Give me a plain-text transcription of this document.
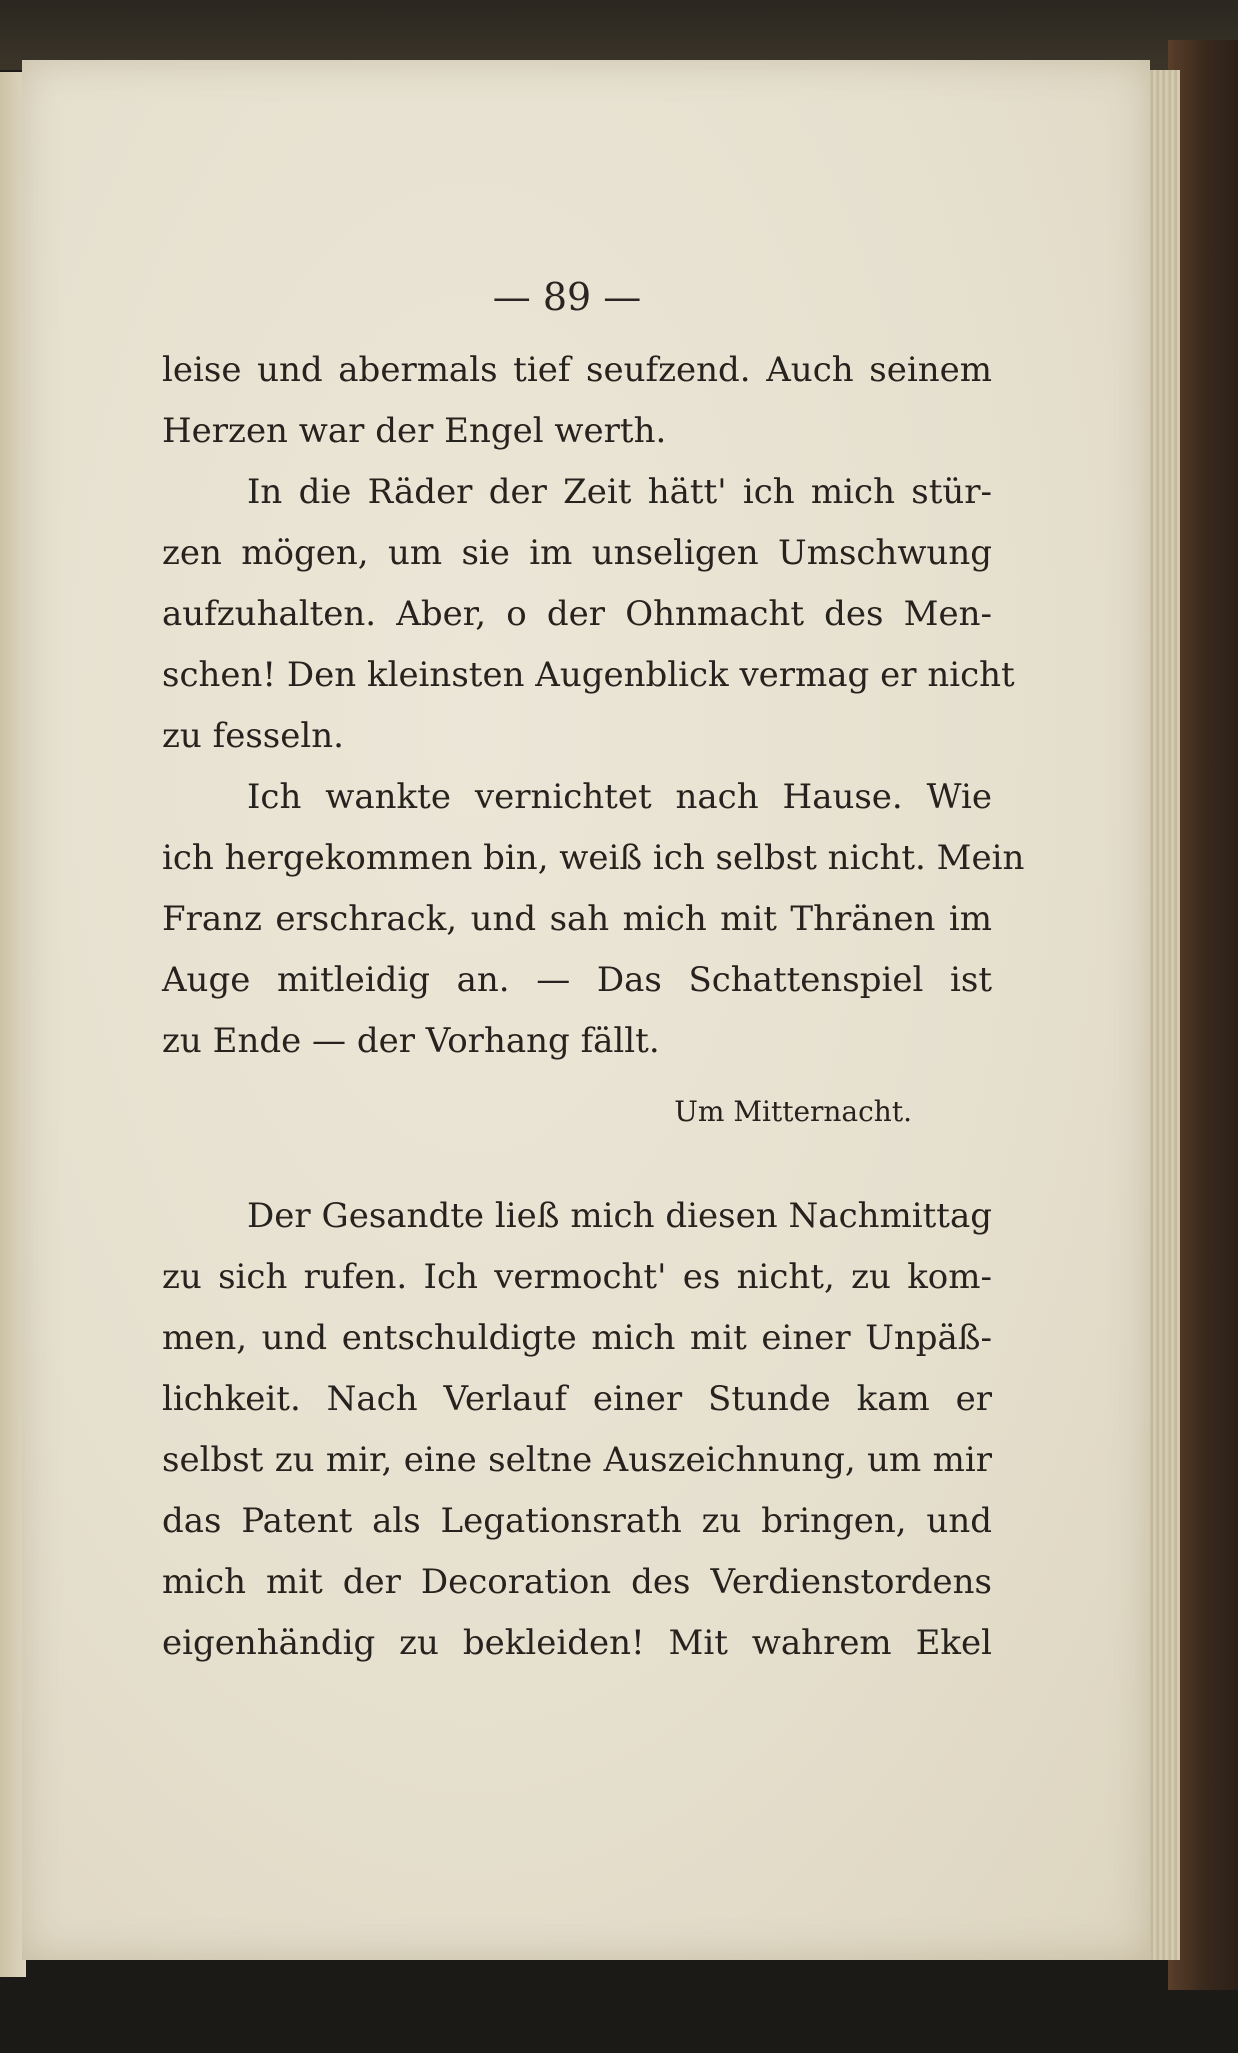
— 89 —
leise und abermals tief seufzend. Auch seinem
Herzen war der Engel werth.
In die Räder der Zeit hätt' ich mich stür-
zen mögen, um sie im unseligen Umschwung
aufzuhalten. Aber, o der Ohnmacht des Men-
schen! Den kleinsten Augenblick vermag er nicht
zu fesseln.
Ich wankte vernichtet nach Hause. Wie
ich hergekommen bin, weiß ich selbst nicht. Mein
Franz erschrack, und sah mich mit Thränen im
Auge mitleidig an. — Das Schattenspiel ist
zu Ende — der Vorhang fällt.
Um Mitternacht.
Der Gesandte ließ mich diesen Nachmittag
zu sich rufen. Ich vermocht' es nicht, zu kom-
men, und entschuldigte mich mit einer Unpäß-
lichkeit. Nach Verlauf einer Stunde kam er
selbst zu mir, eine seltne Auszeichnung, um mir
das Patent als Legationsrath zu bringen, und
mich mit der Decoration des Verdienstordens
eigenhändig zu bekleiden! Mit wahrem Ekel
